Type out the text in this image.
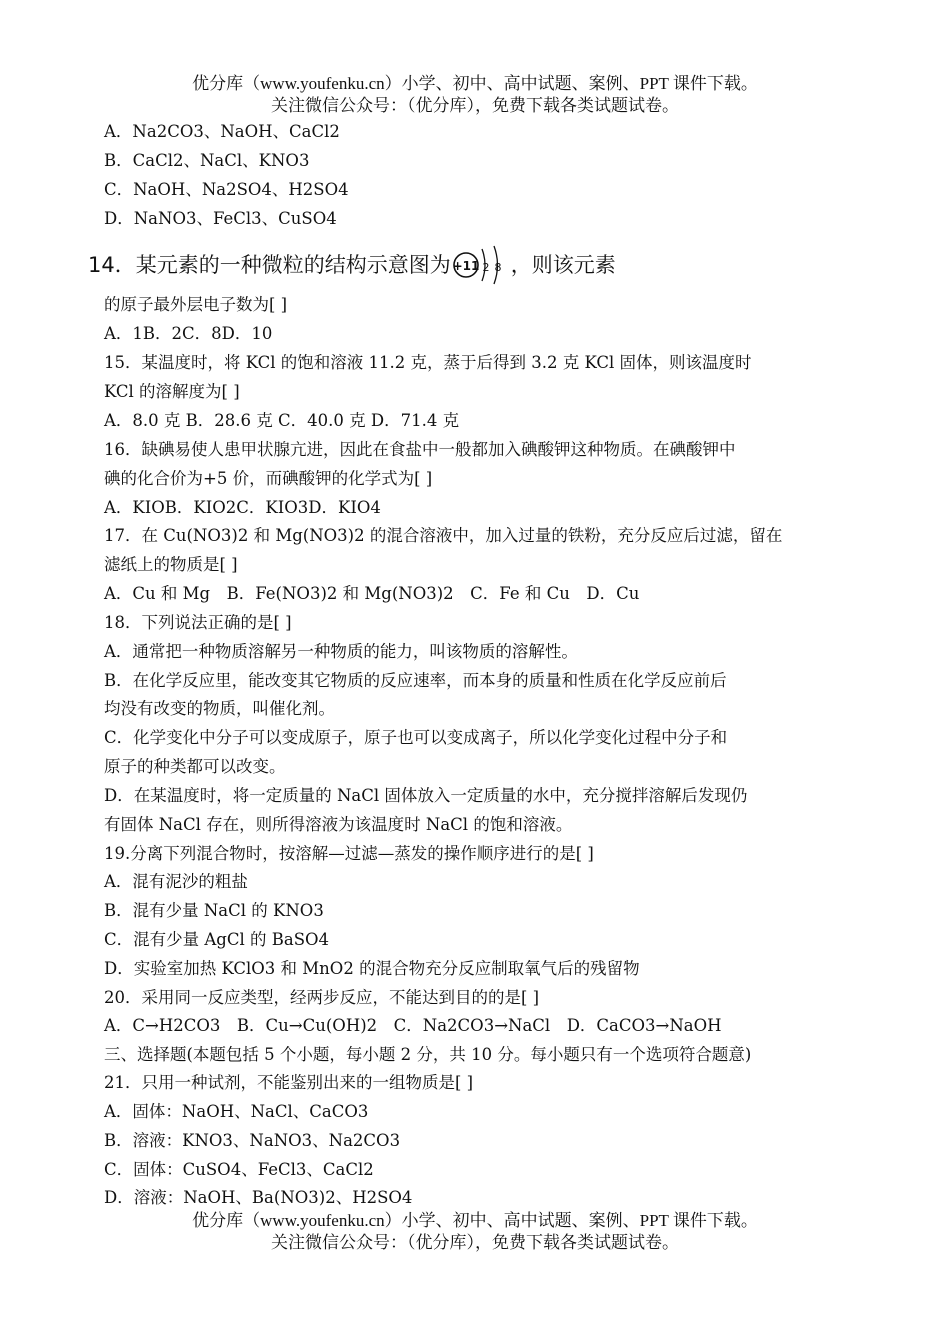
优分库（www.youfenku.cn）小学、初中、高中试题、案例、PPT 课件下载。
关注微信公众号：（优分库），免费下载各类试题试卷。
A．Na2CO3、NaOH、CaCl2
B．CaCl2、NaCl、KNO3
C．NaOH、Na2SO4、H2SO4
D．NaNO3、FeCl3、CuSO4
14．某元素的一种微粒的结构示意图为 +11 2 8 ，则该元素
的原子最外层电子数为[ ]
A．1B．2C．8D．10
15．某温度时，将 KCl 的饱和溶液 11.2 克，蒸于后得到 3.2 克 KCl 固体，则该温度时
KCl 的溶解度为[ ]
A．8.0 克 B．28.6 克 C．40.0 克 D．71.4 克
16．缺碘易使人患甲状腺亢进，因此在食盐中一般都加入碘酸钾这种物质。在碘酸钾中
碘的化合价为+5 价，而碘酸钾的化学式为[ ]
A．KIOB．KIO2C．KIO3D．KIO4
17．在 Cu(NO3)2 和 Mg(NO3)2 的混合溶液中，加入过量的铁粉，充分反应后过滤，留在
滤纸上的物质是[ ]
A．Cu 和 Mg　B．Fe(NO3)2 和 Mg(NO3)2　C．Fe 和 Cu　D．Cu
18．下列说法正确的是[ ]
A．通常把一种物质溶解另一种物质的能力，叫该物质的溶解性。
B．在化学反应里，能改变其它物质的反应速率，而本身的质量和性质在化学反应前后
均没有改变的物质，叫催化剂。
C．化学变化中分子可以变成原子，原子也可以变成离子，所以化学变化过程中分子和
原子的种类都可以改变。
D．在某温度时，将一定质量的 NaCl 固体放入一定质量的水中，充分搅拌溶解后发现仍
有固体 NaCl 存在，则所得溶液为该温度时 NaCl 的饱和溶液。
19.分离下列混合物时，按溶解—过滤—蒸发的操作顺序进行的是[ ]
A．混有泥沙的粗盐
B．混有少量 NaCl 的 KNO3
C．混有少量 AgCl 的 BaSO4
D．实验室加热 KClO3 和 MnO2 的混合物充分反应制取氧气后的残留物
20．采用同一反应类型，经两步反应，不能达到目的的是[ ]
A．C→H2CO3　B．Cu→Cu(OH)2　C．Na2CO3→NaCl　D．CaCO3→NaOH
三、选择题(本题包括 5 个小题，每小题 2 分，共 10 分。每小题只有一个选项符合题意)
21．只用一种试剂，不能鉴别出来的一组物质是[ ]
A．固体：NaOH、NaCl、CaCO3
B．溶液：KNO3、NaNO3、Na2CO3
C．固体：CuSO4、FeCl3、CaCl2
D．溶液：NaOH、Ba(NO3)2、H2SO4
优分库（www.youfenku.cn）小学、初中、高中试题、案例、PPT 课件下载。
关注微信公众号：（优分库），免费下载各类试题试卷。
